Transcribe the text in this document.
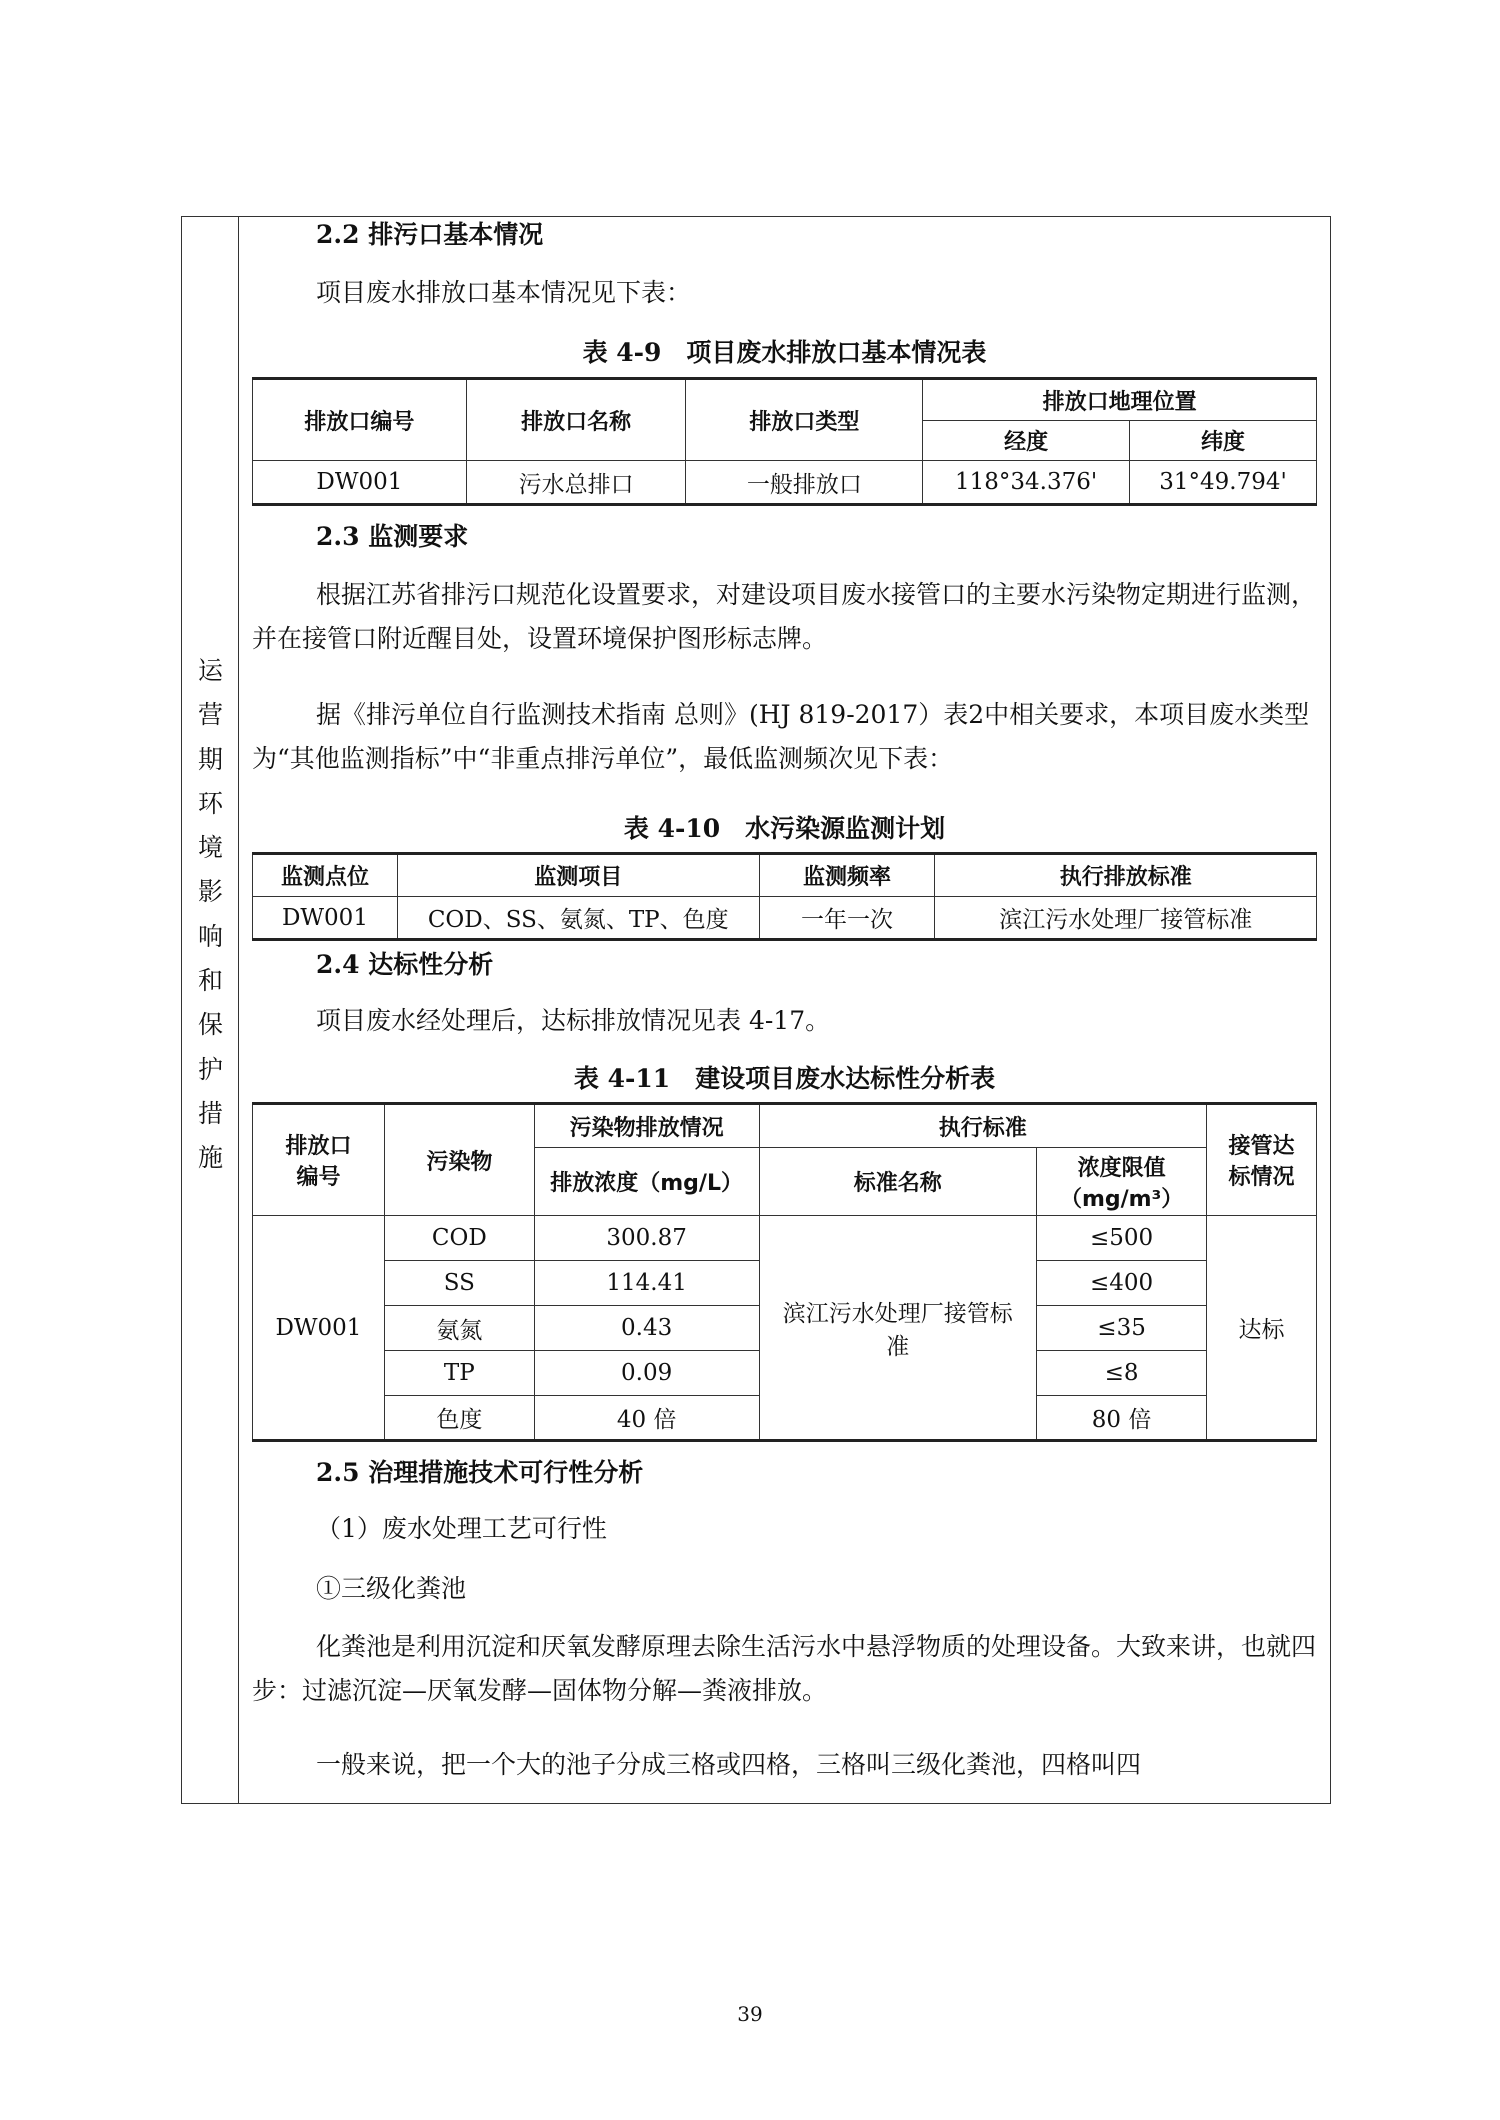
运
营
期
环
境
影
响
和
保
护
措
施
2.2 排污口基本情况
项目废水排放口基本情况见下表：
表 4-9　项目废水排放口基本情况表
排放口编号	排放口名称	排放口类型	排放口地理位置	
			经度	纬度
DW001	污水总排口	一般排放口	118°34.376'	31°49.794'
2.3 监测要求
根据江苏省排污口规范化设置要求，对建设项目废水接管口的主要水污染物定期进行监测，并在接管口附近醒目处，设置环境保护图形标志牌。
据《排污单位自行监测技术指南 总则》(HJ 819-2017）表2中相关要求，本项目废水类型为“其他监测指标”中“非重点排污单位”，最低监测频次见下表：
表 4-10　水污染源监测计划
监测点位	监测项目	监测频率	执行排放标准
DW001	COD、SS、氨氮、TP、色度	一年一次	滨江污水处理厂接管标准
2.4 达标性分析
项目废水经处理后，达标排放情况见表 4-17。
表 4-11　建设项目废水达标性分析表
排放口编号	污染物	污染物排放情况	执行标准		接管达标情况
		排放浓度（mg/L）	标准名称	浓度限值（mg/m³）	
DW001	COD	300.87	滨江污水处理厂接管标准	≤500	达标
	SS	114.41		≤400	
	氨氮	0.43		≤35	
	TP	0.09		≤8	
	色度	40 倍		80 倍	
2.5 治理措施技术可行性分析
（1）废水处理工艺可行性
①三级化粪池
化粪池是利用沉淀和厌氧发酵原理去除生活污水中悬浮物质的处理设备。大致来讲，也就四步：过滤沉淀—厌氧发酵—固体物分解—粪液排放。
一般来说，把一个大的池子分成三格或四格，三格叫三级化粪池，四格叫四
39
